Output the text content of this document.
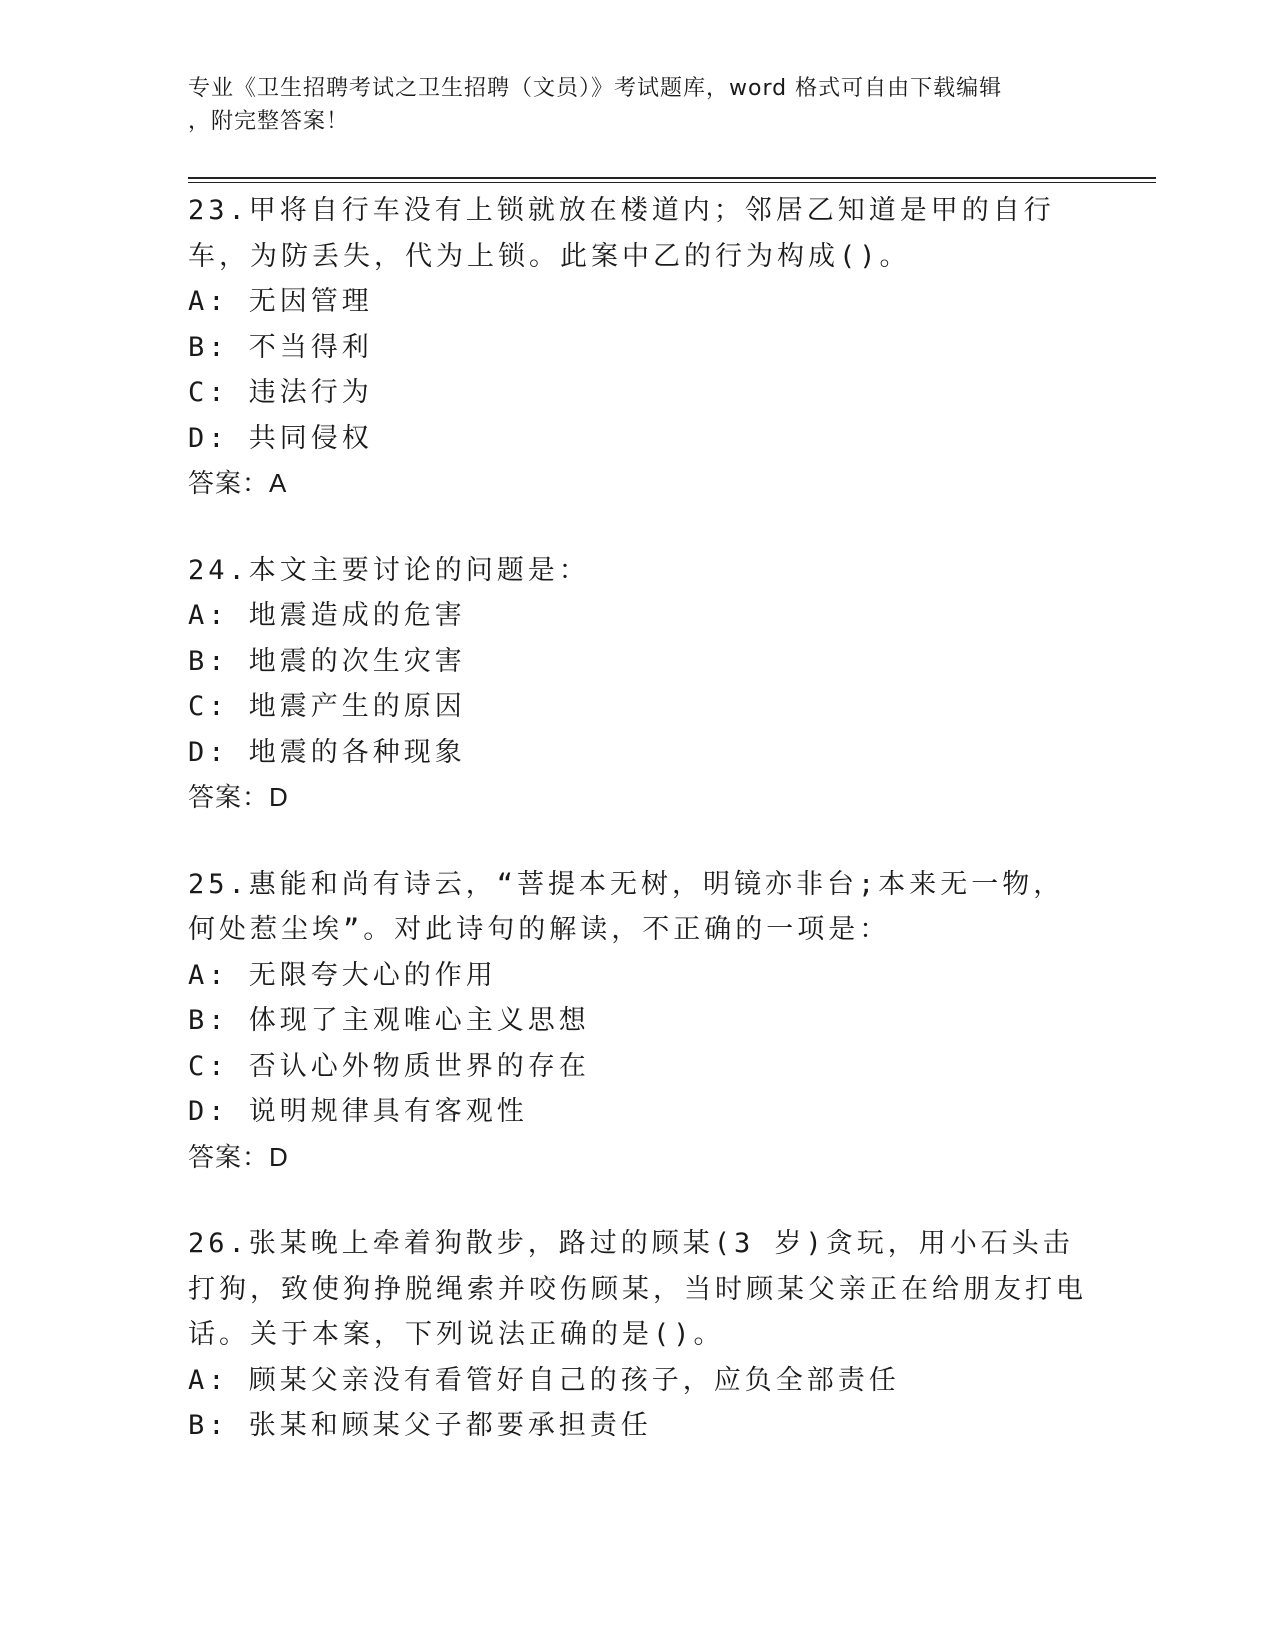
专业《卫生招聘考试之卫生招聘（文员）》考试题库，word 格式可自由下载编辑
，附完整答案！

23.甲将自行车没有上锁就放在楼道内；邻居乙知道是甲的自行车，为防丢失，代为上锁。此案中乙的行为构成()。

A: 无因管理

B: 不当得利

C: 违法行为

D: 共同侵权

答案：A

24.本文主要讨论的问题是：

A: 地震造成的危害

B: 地震的次生灾害

C: 地震产生的原因

D: 地震的各种现象

答案：D

25.惠能和尚有诗云，“菩提本无树，明镜亦非台;本来无一物，何处惹尘埃”。对此诗句的解读，不正确的一项是：

A: 无限夸大心的作用

B: 体现了主观唯心主义思想

C: 否认心外物质世界的存在

D: 说明规律具有客观性

答案：D

26.张某晚上牵着狗散步，路过的顾某(3 岁)贪玩，用小石头击打狗，致使狗挣脱绳索并咬伤顾某，当时顾某父亲正在给朋友打电话。关于本案，下列说法正确的是()。

A: 顾某父亲没有看管好自己的孩子，应负全部责任

B: 张某和顾某父子都要承担责任
